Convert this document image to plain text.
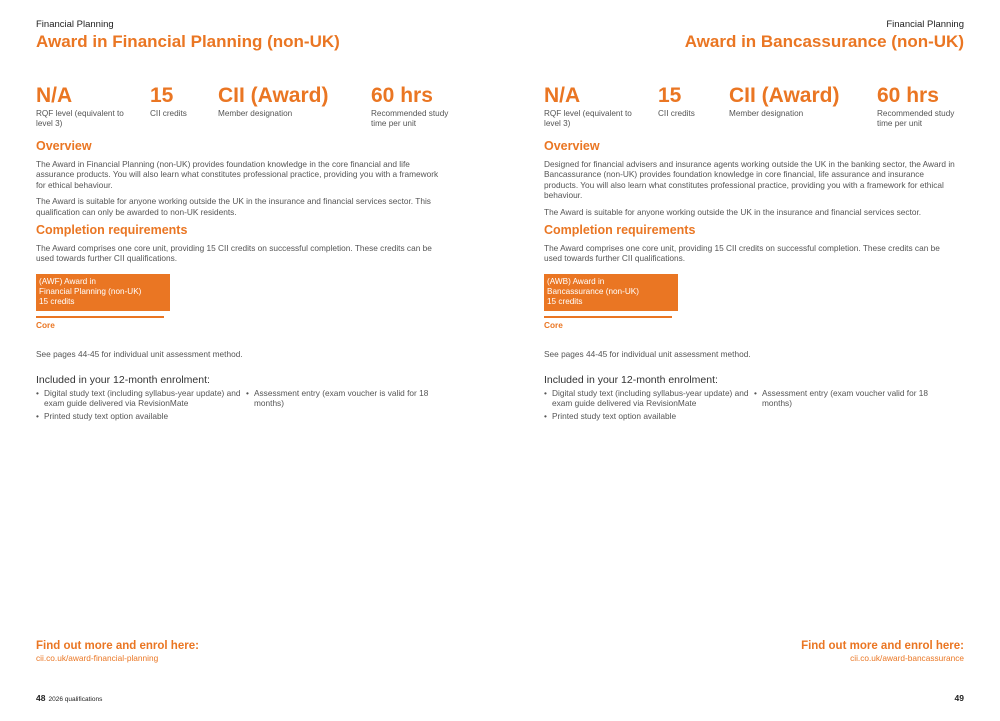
Financial Planning
Award in Financial Planning (non-UK)
N/A
RQF level (equivalent to level 3)
15
CII credits
CII (Award)
Member designation
60 hrs
Recommended study time per unit
Overview

The Award in Financial Planning (non-UK) provides foundation knowledge in the core financial and life assurance products. You will also learn what constitutes professional practice, providing you with a framework for ethical behaviour.

The Award is suitable for anyone working outside the UK in the insurance and financial services sector. This qualification can only be awarded to non-UK residents.

Completion requirements

The Award comprises one core unit, providing 15 CII credits on successful completion. These credits can be used towards further CII qualifications.

(AWF) Award in
Financial Planning (non-UK)
15 credits
Core
See pages 44-45 for individual unit assessment method.
Included in your 12-month enrolment:
• Digital study text (including syllabus-year update) and exam guide delivered via RevisionMate
• Printed study text option available
• Assessment entry (exam voucher is valid for 18 months)
Find out more and enrol here:
cii.co.uk/award-financial-planning
48 2026 qualifications
Financial Planning
Award in Bancassurance (non-UK)
N/A
RQF level (equivalent to level 3)
15
CII credits
CII (Award)
Member designation
60 hrs
Recommended study time per unit
Overview

Designed for financial advisers and insurance agents working outside the UK in the banking sector, the Award in Bancassurance (non-UK) provides foundation knowledge in core financial, life assurance and insurance products. You will also learn what constitutes professional practice, providing you with a framework for ethical behaviour.

The Award is suitable for anyone working outside the UK in the insurance and financial services sector.

Completion requirements

The Award comprises one core unit, providing 15 CII credits on successful completion. These credits can be used towards further CII qualifications.

(AWB) Award in
Bancassurance (non-UK)
15 credits
Core
See pages 44-45 for individual unit assessment method.
Included in your 12-month enrolment:
• Digital study text (including syllabus-year update) and exam guide delivered via RevisionMate
• Printed study text option available
• Assessment entry (exam voucher valid for 18 months)
Find out more and enrol here:
cii.co.uk/award-bancassurance
49
